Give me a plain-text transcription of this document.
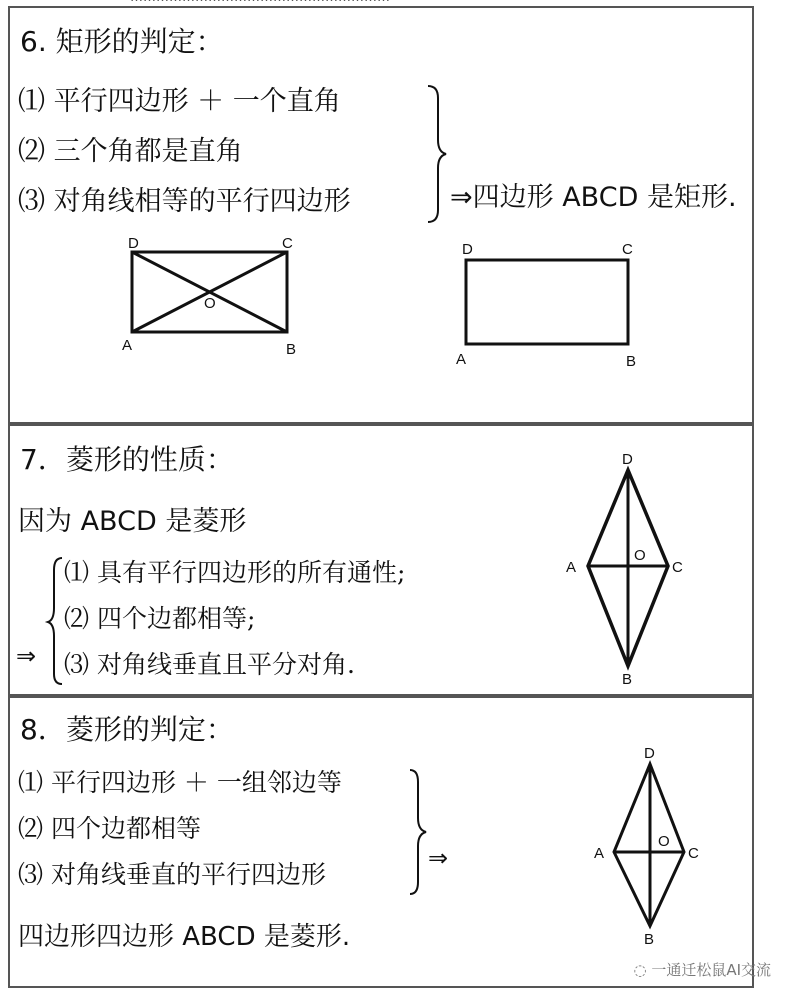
6. 矩形的判定：
⑴ 平行四边形 ＋ 一个直角
⑵ 三个角都是直角
⑶ 对角线相等的平行四边形	⇒四边形 ABCD 是矩形.
D	C
A	B
O
D	C
A	B
7．菱形的性质：
因为 ABCD 是菱形
⇒
⑴ 具有平行四边形的所有通性;
⑵ 四个边都相等;
⑶ 对角线垂直且平分对角.
D
C
A
B
O
8．菱形的判定：
⑴ 平行四边形 ＋ 一组邻边等
⑵ 四个边都相等
⑶ 对角线垂直的平行四边形
⇒
四边形四边形 ABCD 是菱形.
D
C
A
B
O
◌ 一通迁松鼠AI交流
